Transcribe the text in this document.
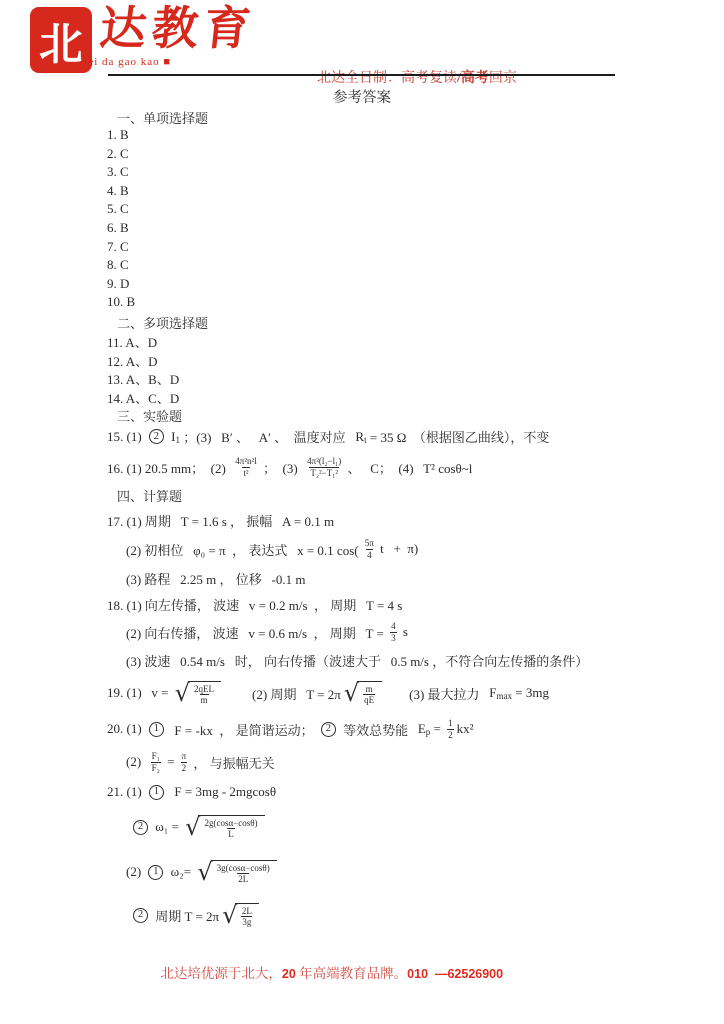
北 达教育
Bei da gao kao ■

北达全日制：高考复读/高考回京

参考答案
一、单项选择题
1. B
2. C
3. C
4. B
5. C
6. B
7. C
8. C
9. D
10. B
二、多项选择题
11. A、D
12. A、D
13. A、B、D
14. A、C、D
三、实验题
15. (1) 2 I 1 ；(3)   B′ 、   A′ 、  温度对应 R t = 35 Ω  （根据图乙曲线），不变
16. (1) 20.5 mm；  $(2) \frac{\text{4π²n²l}}{\text{t²}}$ ；  $(3) \frac{\text{4π²(l₂−l₁)}}{\text{T₂²−T₁²}}$ 、   C；  (4)   T² cosθ~l
四、计算题
17. (1) 周期   T = 1.6 s ， 振幅   A = 0.1 m
(2) 初相位   φ₀ = π  ， 表达式   x = 0.1 $\cos( \frac{5\pi}{4}$ t   +  π)
(3) 路程   2.25 m ， 位移   -0.1 m
18. (1) 向左传播， 波速   v = 0.2 m/s  ， 周期   T = 4 s
(2) 向右传播， 波速   v = 0.6 m/s  ， 周期   $T = \frac{4}{3}$ s
(3) 波速   0.54 m/s   时， 向右传播（波速大于   0.5 m/s ，不符合向左传播的条件）
19. (1)   v = √ $\frac{\text{2qEL}}{m}$	(2) 周期   T = 2π √ $\frac{m}{qE}$	(3) 最大拉力 F max = 3mg
20. (1) 1 F = -kx  ， 是简谐运动； 2 等效总势能 E $p = \frac{1}{2} kx^2$
$(2) \frac{\text{F₁}}{\text{F₂}} = \frac{\pi}{2}$ ， 与振幅无关
21. (1) 1 F = 3mg - 2mgcosθ
2 ω₁ = √ $\frac{2g(\cos\alpha-\cos\theta)}{L}$
(2) 1 ω₂= √ $\frac{3g(\cos\alpha-\cos\theta)}{2L}$
2 周期 T = 2π √ $\frac{2L}{3g}$

北达培优源于北大，20 年高端教育品牌。010  —62526900
